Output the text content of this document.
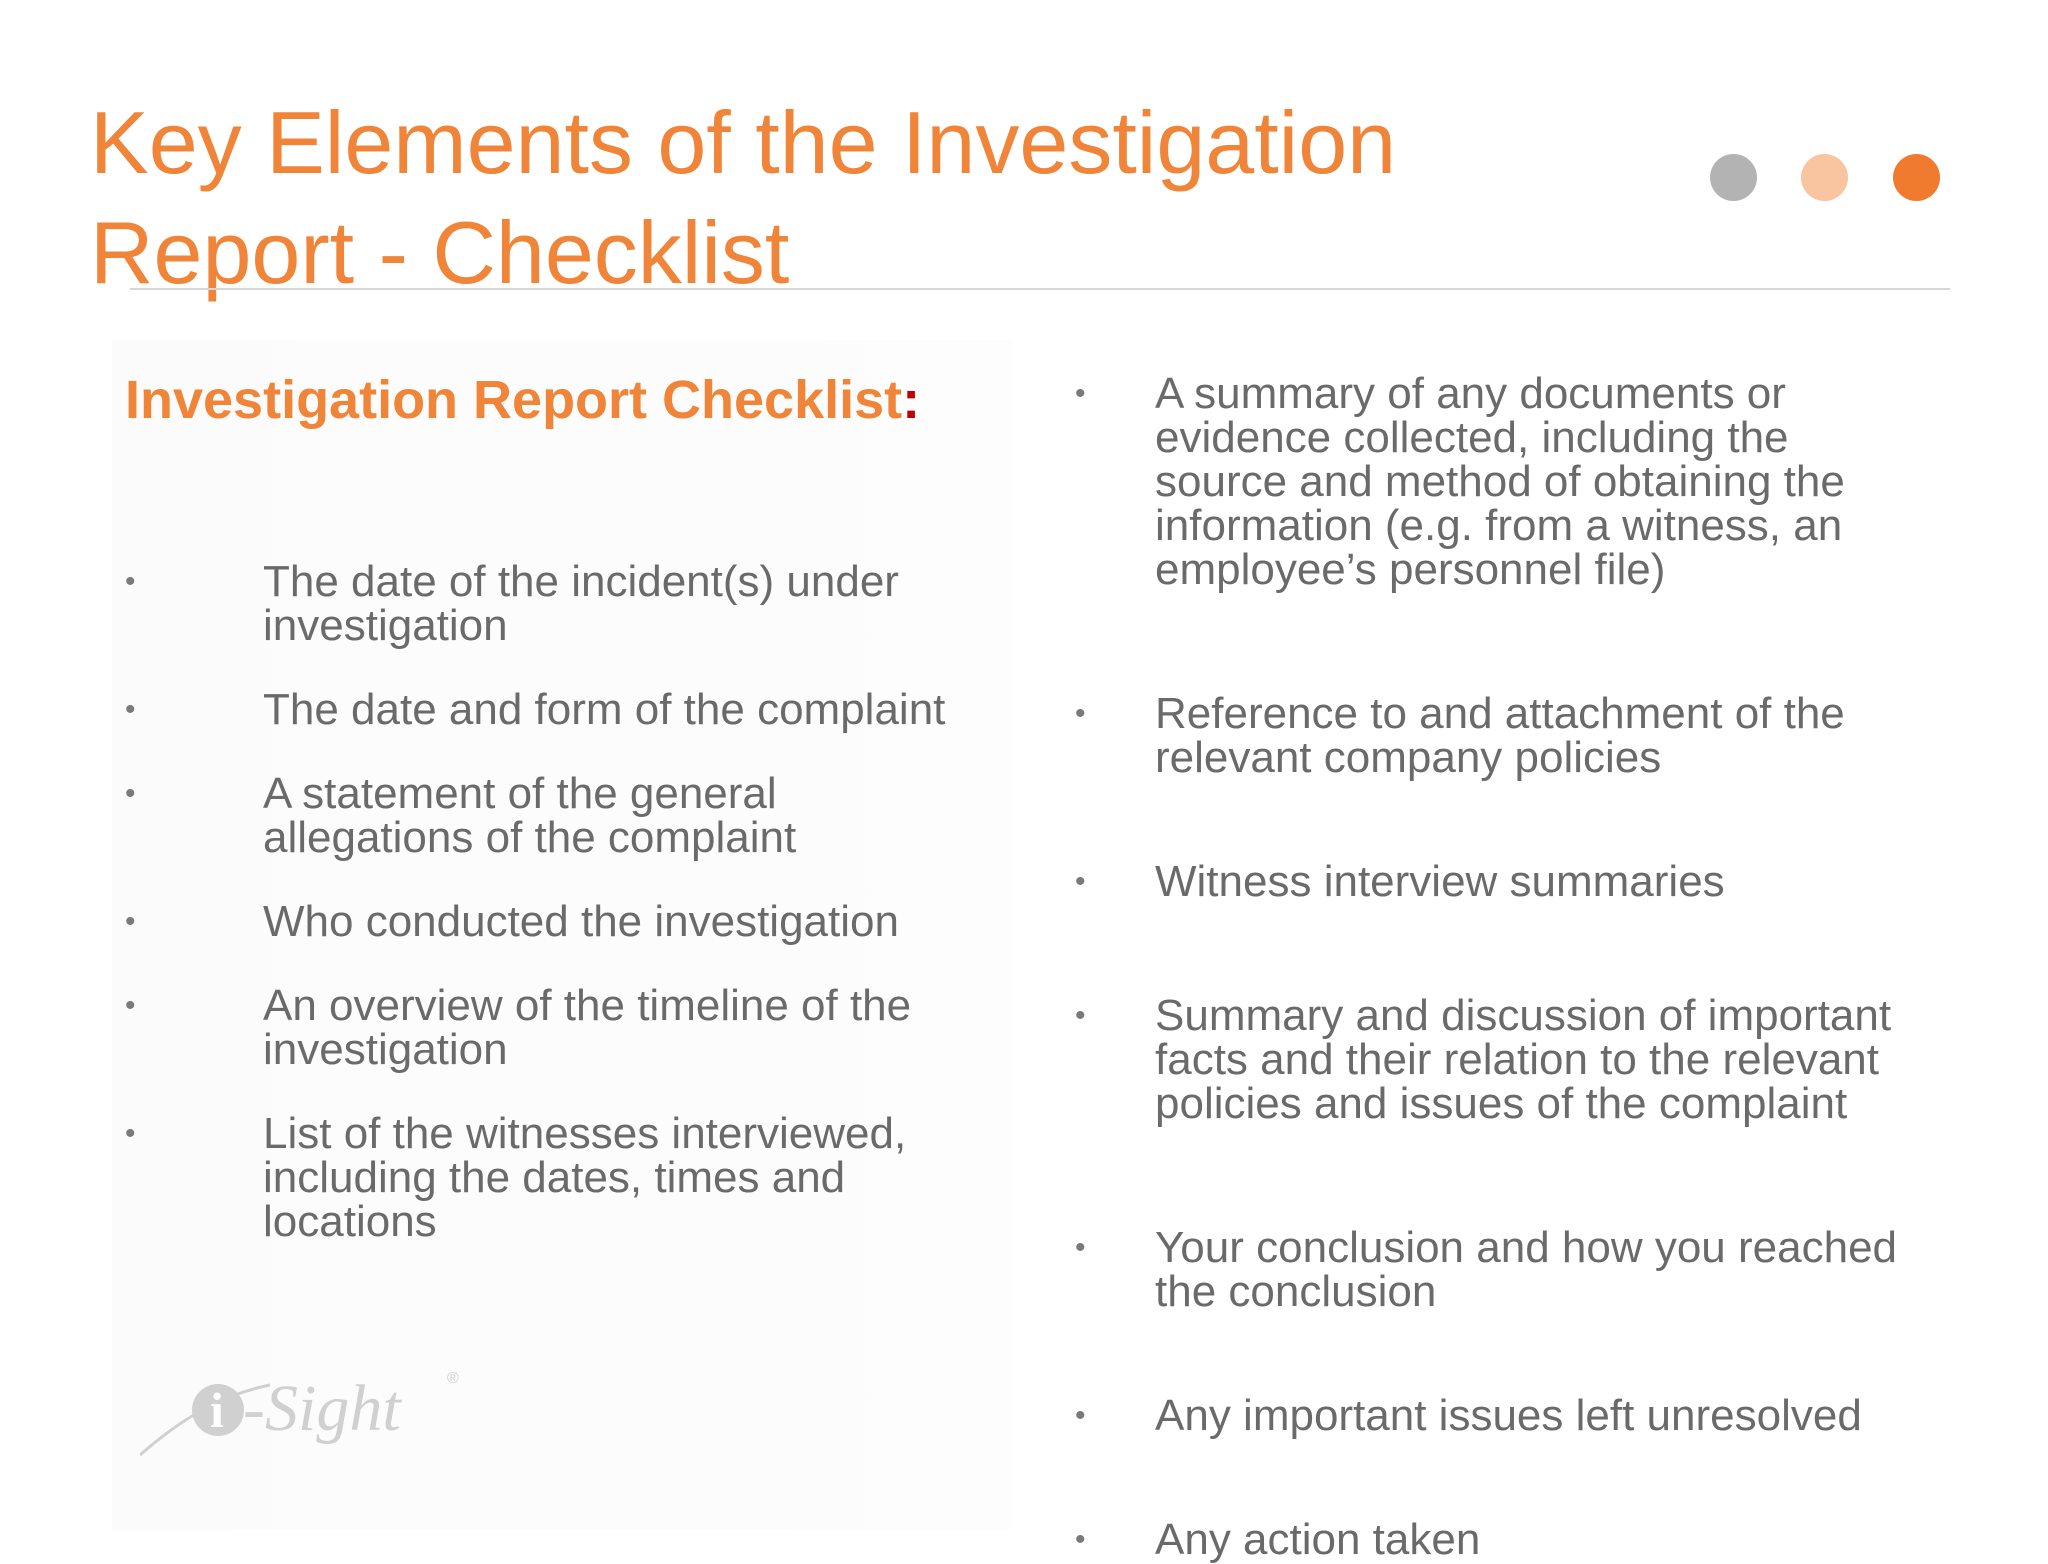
Key Elements of the Investigation
Report - Checklist
Investigation Report Checklist:
•	The date of the incident(s) under
investigation
•	The date and form of the complaint
•	A statement of the general
allegations of the complaint
•	Who conducted the investigation
•	An overview of the timeline of the
investigation
•	List of the witnesses interviewed,
including the dates, times and
locations
• A summary of any documents or
evidence collected, including the
source and method of obtaining the
information (e.g. from a witness, an
employee’s personnel file)
• Reference to and attachment of the
relevant company policies
• Witness interview summaries
• Summary and discussion of important
facts and their relation to the relevant
policies and issues of the complaint
• Your conclusion and how you reached
the conclusion
• Any important issues left unresolved
• Any action taken
i -Sight	®
